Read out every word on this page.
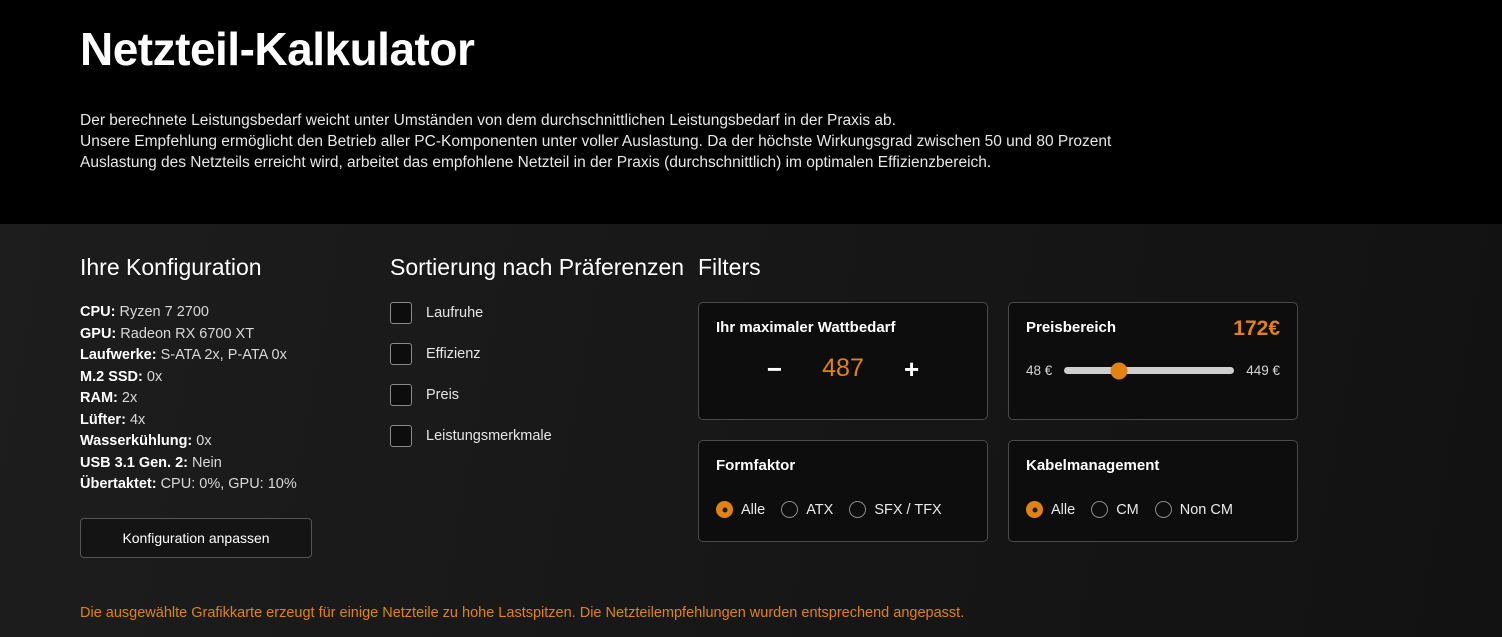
Netzteil-Kalkulator

Der berechnete Leistungsbedarf weicht unter Umständen von dem durchschnittlichen Leistungsbedarf in der Praxis ab.

Unsere Empfehlung ermöglicht den Betrieb aller PC-Komponenten unter voller Auslastung. Da der höchste Wirkungsgrad zwischen 50 und 80 Prozent

Auslastung des Netzteils erreicht wird, arbeitet das empfohlene Netzteil in der Praxis (durchschnittlich) im optimalen Effizienzbereich.

Ihre Konfiguration
CPU: Ryzen 7 2700
GPU: Radeon RX 6700 XT
Laufwerke: S-ATA 2x, P-ATA 0x
M.2 SSD: 0x
RAM: 2x
Lüfter: 4x
Wasserkühlung: 0x
USB 3.1 Gen. 2: Nein
Übertaktet: CPU: 0%, GPU: 10%
Konfiguration anpassen
Sortierung nach Präferenzen
Laufruhe
Effizienz
Preis
Leistungsmerkmale
Filters
Ihr maximaler Wattbedarf
−	487	+
Preisbereich	172€
48 €	449 €
Formfaktor
Alle	ATX	SFX / TFX
Kabelmanagement
Alle	CM	Non CM
Die ausgewählte Grafikkarte erzeugt für einige Netzteile zu hohe Lastspitzen. Die Netzteilempfehlungen wurden entsprechend angepasst.
